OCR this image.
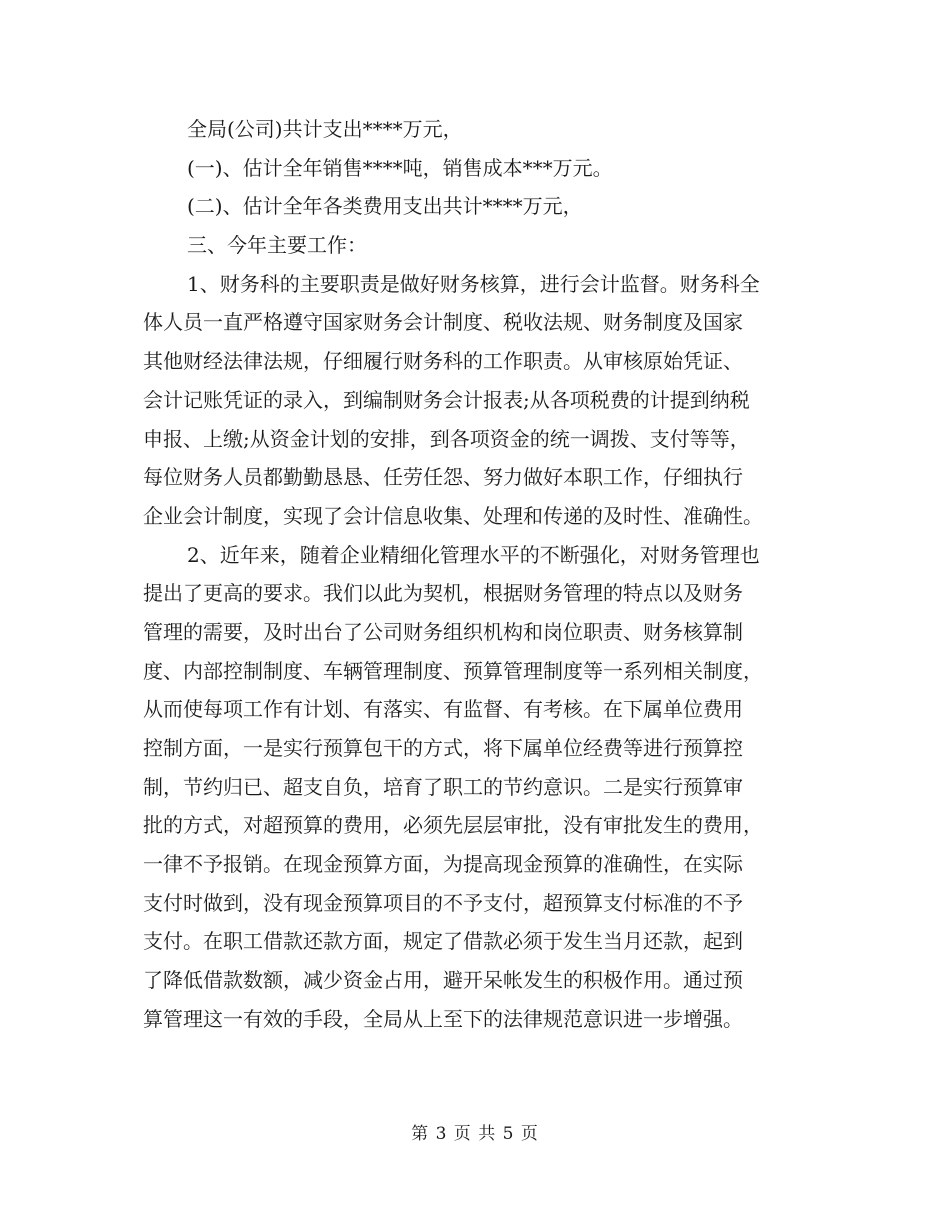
全局(公司)共计支出****万元，
(一)、估计全年销售****吨，销售成本***万元。
(二)、估计全年各类费用支出共计****万元，
三、今年主要工作：
1、财务科的主要职责是做好财务核算，进行会计监督。财务科全
体人员一直严格遵守国家财务会计制度、税收法规、财务制度及国家
其他财经法律法规，仔细履行财务科的工作职责。从审核原始凭证、
会计记账凭证的录入，到编制财务会计报表;从各项税费的计提到纳税
申报、上缴;从资金计划的安排，到各项资金的统一调拨、支付等等，
每位财务人员都勤勤恳恳、任劳任怨、努力做好本职工作，仔细执行
企业会计制度，实现了会计信息收集、处理和传递的及时性、准确性。
2、近年来，随着企业精细化管理水平的不断强化，对财务管理也
提出了更高的要求。我们以此为契机，根据财务管理的特点以及财务
管理的需要，及时出台了公司财务组织机构和岗位职责、财务核算制
度、内部控制制度、车辆管理制度、预算管理制度等一系列相关制度，
从而使每项工作有计划、有落实、有监督、有考核。在下属单位费用
控制方面，一是实行预算包干的方式，将下属单位经费等进行预算控
制，节约归已、超支自负，培育了职工的节约意识。二是实行预算审
批的方式，对超预算的费用，必须先层层审批，没有审批发生的费用，
一律不予报销。在现金预算方面，为提高现金预算的准确性，在实际
支付时做到，没有现金预算项目的不予支付，超预算支付标准的不予
支付。在职工借款还款方面，规定了借款必须于发生当月还款，起到
了降低借款数额，减少资金占用，避开呆帐发生的积极作用。通过预
算管理这一有效的手段，全局从上至下的法律规范意识进一步增强。
第 3 页 共 5 页
